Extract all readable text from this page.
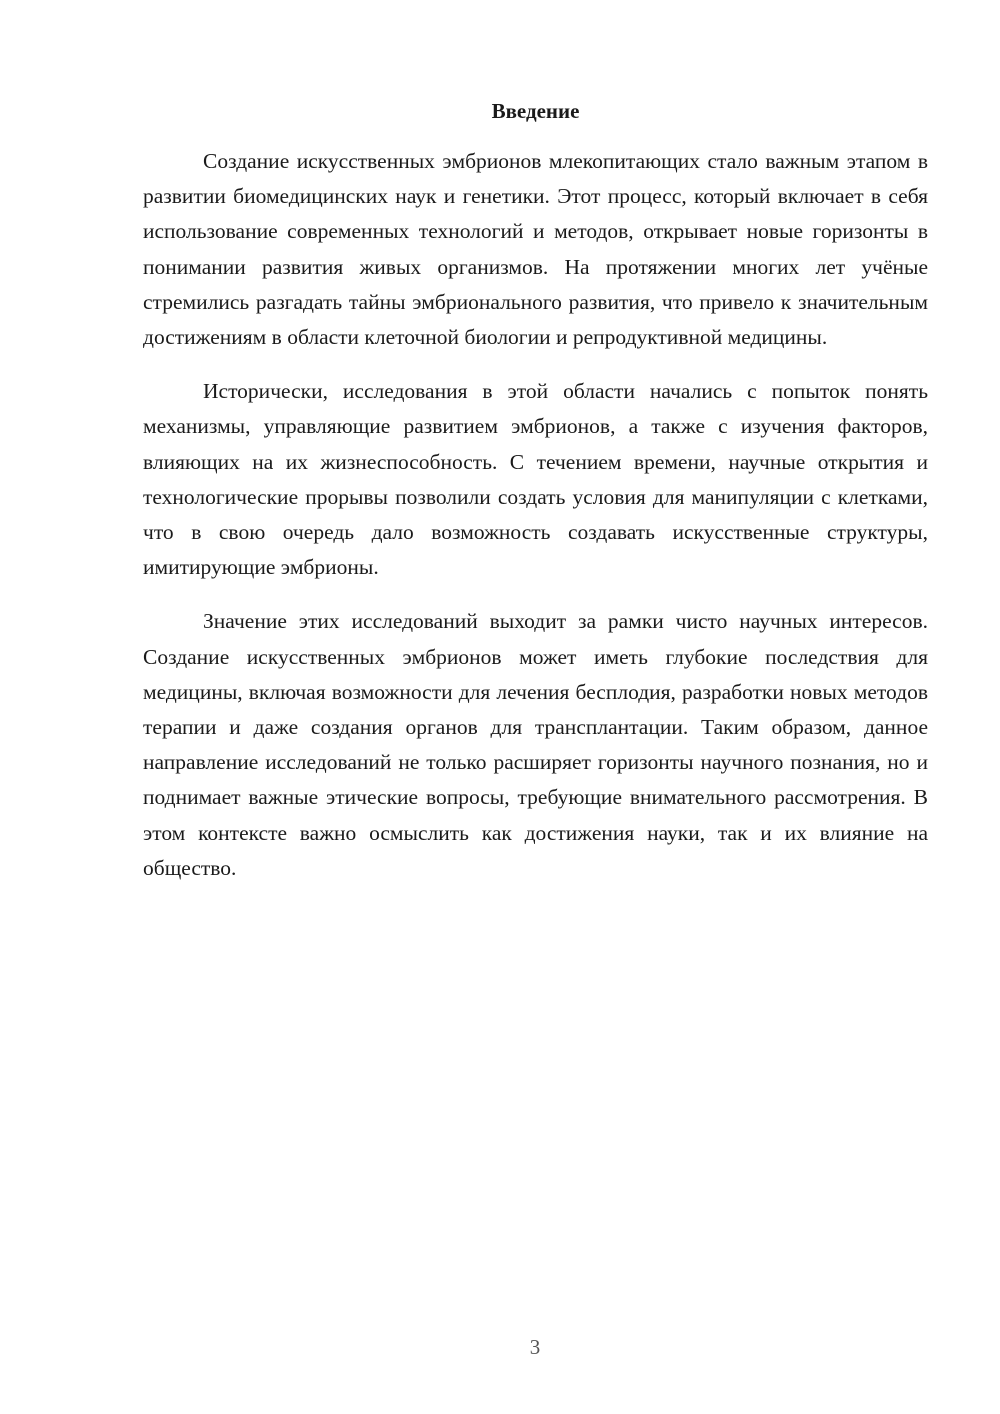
Введение

Создание искусственных эмбрионов млекопитающих стало важным этапом в развитии биомедицинских наук и генетики. Этот процесс, который включает в себя использование современных технологий и методов, открывает новые горизонты в понимании развития живых организмов. На протяжении многих лет учёные стремились разгадать тайны эмбрионального развития, что привело к значительным достижениям в области клеточной биологии и репродуктивной медицины.

Исторически, исследования в этой области начались с попыток понять механизмы, управляющие развитием эмбрионов, а также с изучения факторов, влияющих на их жизнеспособность. С течением времени, научные открытия и технологические прорывы позволили создать условия для манипуляции с клетками, что в свою очередь дало возможность создавать искусственные структуры, имитирующие эмбрионы.

Значение этих исследований выходит за рамки чисто научных интересов. Создание искусственных эмбрионов может иметь глубокие последствия для медицины, включая возможности для лечения бесплодия, разработки новых методов терапии и даже создания органов для трансплантации. Таким образом, данное направление исследований не только расширяет горизонты научного познания, но и поднимает важные этические вопросы, требующие внимательного рассмотрения. В этом контексте важно осмыслить как достижения науки, так и их влияние на общество.

3
